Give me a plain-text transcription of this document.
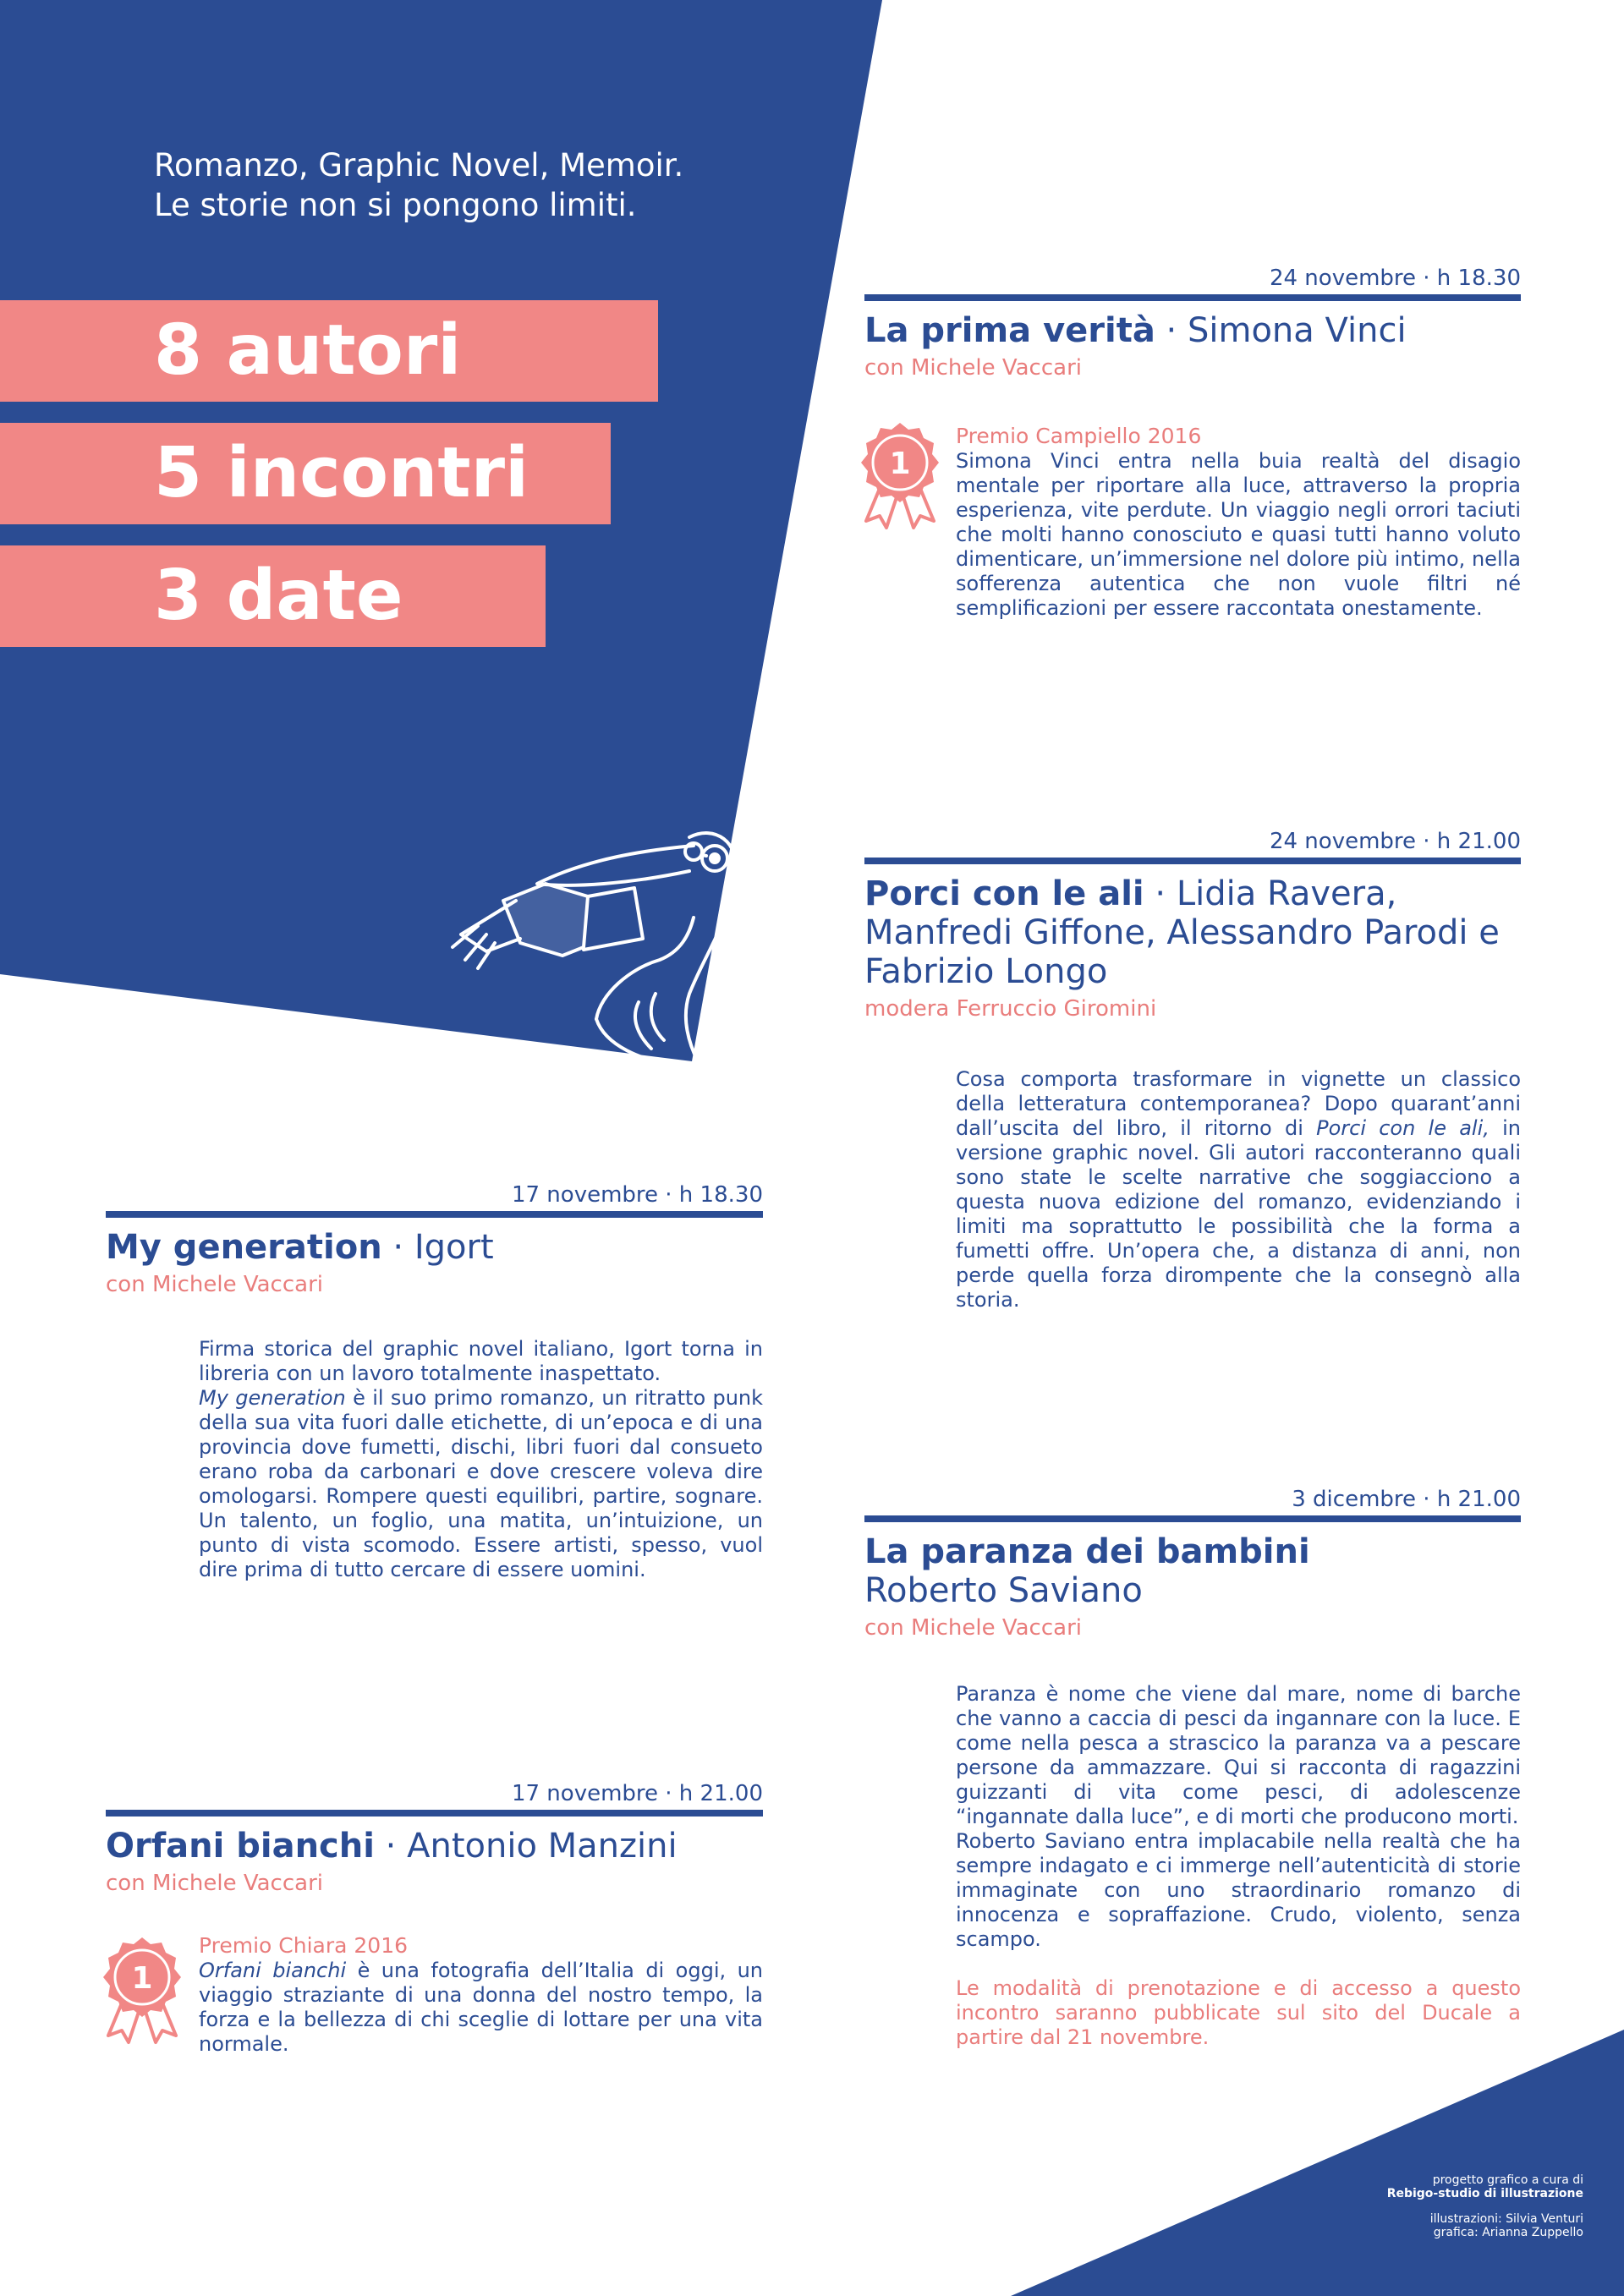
Romanzo, Graphic Novel, Memoir.
Le storie non si pongono limiti.
8 autori
5 incontri
3 date
24 novembre · h 18.30
La prima verità · Simona Vinci
con Michele Vaccari
1
Premio Campiello 2016

Simona Vinci entra nella buia realtà del disagio mentale per riportare alla luce, attraverso la propria esperienza, vite perdute. Un viaggio negli orrori taciuti che molti hanno conosciuto e quasi tutti hanno voluto dimenticare, un’immersione nel dolore più intimo, nella sofferenza autentica che non vuole filtri né semplificazioni per essere raccontata onestamente.

24 novembre · h 21.00
Porci con le ali · Lidia Ravera,
Manfredi Giffone, Alessandro Parodi e
Fabrizio Longo
modera Ferruccio Giromini

Cosa comporta trasformare in vignette un classico della letteratura contemporanea? Dopo quarant’anni dall’uscita del libro, il ritorno di Porci con le ali, in versione graphic novel. Gli autori racconteranno quali sono state le scelte narrative che soggiacciono a questa nuova edizione del romanzo, evidenziando i limiti ma soprattutto le possibilità che la forma a fumetti offre. Un’opera che, a distanza di anni, non perde quella forza dirompente che la consegnò alla storia.

17 novembre · h 18.30
My generation · Igort
con Michele Vaccari

Firma storica del graphic novel italiano, Igort torna in libreria con un lavoro totalmente inaspettato.

My generation è il suo primo romanzo, un ritratto punk della sua vita fuori dalle etichette, di un’epoca e di una provincia dove fumetti, dischi, libri fuori dal consueto erano roba da carbonari e dove crescere voleva dire omologarsi. Rompere questi equilibri, partire, sognare. Un talento, un foglio, una matita, un’intuizione, un punto di vista scomodo. Essere artisti, spesso, vuol dire prima di tutto cercare di essere uomini.

3 dicembre · h 21.00
La paranza dei bambini
Roberto Saviano
con Michele Vaccari

Paranza è nome che viene dal mare, nome di barche che vanno a caccia di pesci da ingannare con la luce. E come nella pesca a strascico la paranza va a pescare persone da ammazzare. Qui si racconta di ragazzini guizzanti di vita come pesci, di adolescenze “ingannate dalla luce”, e di morti che producono morti.

Roberto Saviano entra implacabile nella realtà che ha sempre indagato e ci immerge nell’autenticità di storie immaginate con uno straordinario romanzo di innocenza e sopraffazione. Crudo, violento, senza scampo.

Le modalità di prenotazione e di accesso a questo incontro saranno pubblicate sul sito del Ducale a partire dal 21 novembre.

17 novembre · h 21.00
Orfani bianchi · Antonio Manzini
con Michele Vaccari
1
Premio Chiara 2016

Orfani bianchi è una fotografia dell’Italia di oggi, un viaggio straziante di una donna del nostro tempo, la forza e la bellezza di chi sceglie di lottare per una vita normale.

progetto grafico a cura di
Rebigo-studio di illustrazione
illustrazioni: Silvia Venturi
grafica: Arianna Zuppello
